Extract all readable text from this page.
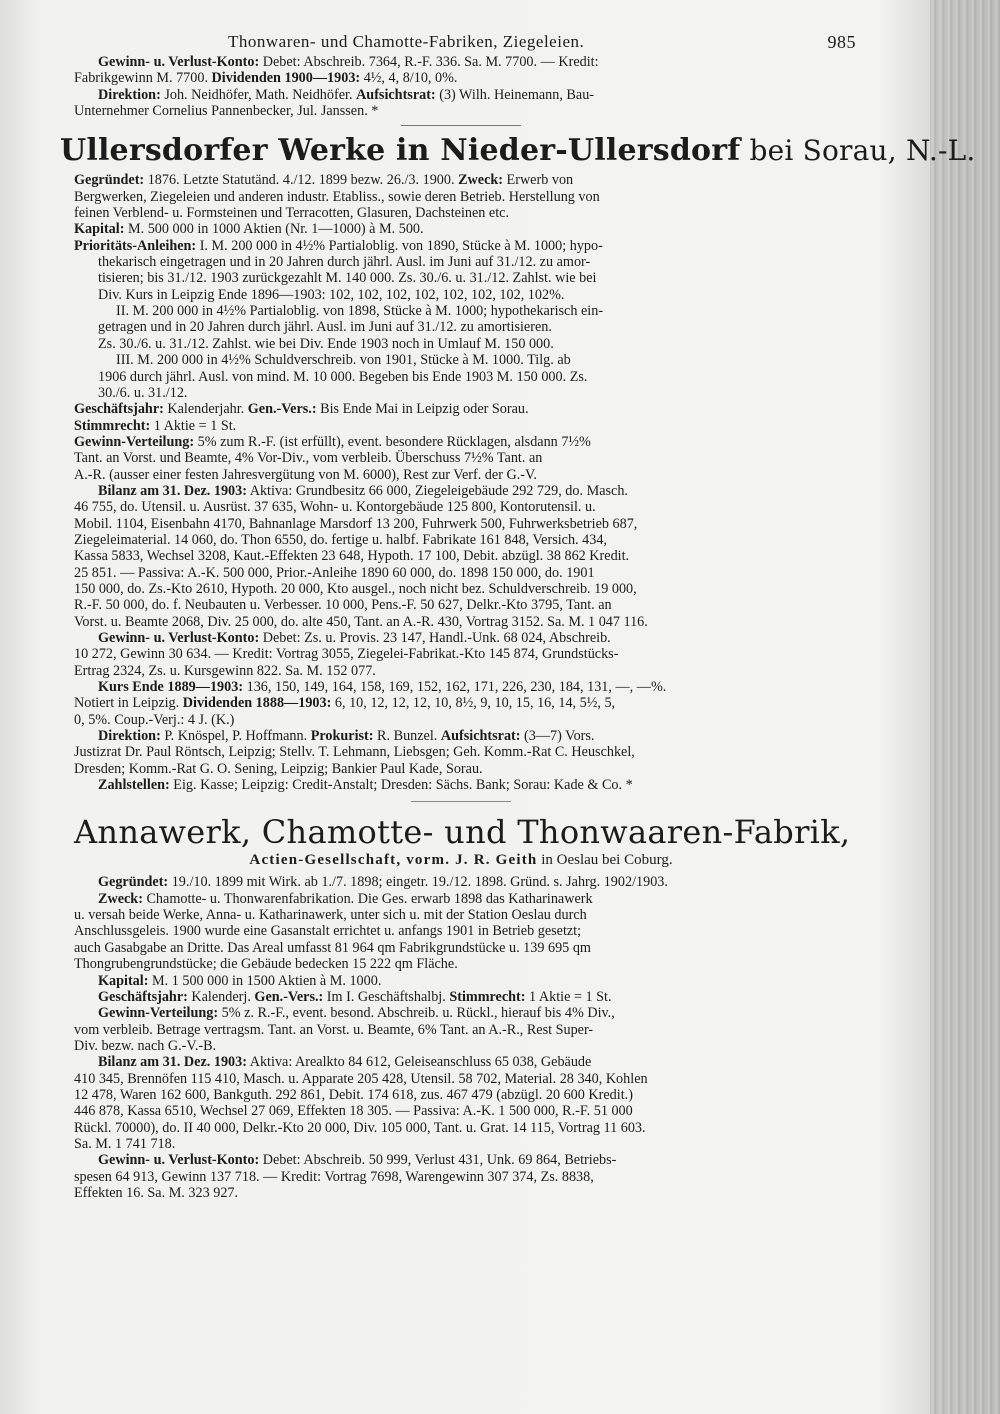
Thonwaren- und Chamotte-Fabriken, Ziegeleien.	985

Gewinn- u. Verlust-Konto: Debet: Abschreib. 7364, R.-F. 336. Sa. M. 7700. — Kredit:

Fabrikgewinn M. 7700. Dividenden 1900—1903: 4½, 4, 8/10, 0%.

Direktion: Joh. Neidhöfer, Math. Neidhöfer. Aufsichtsrat: (3) Wilh. Heinemann, Bau-

Unternehmer Cornelius Pannenbecker, Jul. Janssen. *

Ullersdorfer Werke in Nieder-Ullersdorf bei Sorau, N.-L.

Gegründet: 1876. Letzte Statutänd. 4./12. 1899 bezw. 26./3. 1900. Zweck: Erwerb von

Bergwerken, Ziegeleien und anderen industr. Etabliss., sowie deren Betrieb. Herstellung von

feinen Verblend- u. Formsteinen und Terracotten, Glasuren, Dachsteinen etc.

Kapital: M. 500 000 in 1000 Aktien (Nr. 1—1000) à M. 500.

Prioritäts-Anleihen: I. M. 200 000 in 4½% Partialoblig. von 1890, Stücke à M. 1000; hypo-

thekarisch eingetragen und in 20 Jahren durch jährl. Ausl. im Juni auf 31./12. zu amor-

tisieren; bis 31./12. 1903 zurückgezahlt M. 140 000. Zs. 30./6. u. 31./12. Zahlst. wie bei

Div. Kurs in Leipzig Ende 1896—1903: 102, 102, 102, 102, 102, 102, 102, 102%.

II. M. 200 000 in 4½% Partialoblig. von 1898, Stücke à M. 1000; hypothekarisch ein-

getragen und in 20 Jahren durch jährl. Ausl. im Juni auf 31./12. zu amortisieren.

Zs. 30./6. u. 31./12. Zahlst. wie bei Div. Ende 1903 noch in Umlauf M. 150 000.

III. M. 200 000 in 4½% Schuldverschreib. von 1901, Stücke à M. 1000. Tilg. ab

1906 durch jährl. Ausl. von mind. M. 10 000. Begeben bis Ende 1903 M. 150 000. Zs.

30./6. u. 31./12.

Geschäftsjahr: Kalenderjahr. Gen.-Vers.: Bis Ende Mai in Leipzig oder Sorau.

Stimmrecht: 1 Aktie = 1 St.

Gewinn-Verteilung: 5% zum R.-F. (ist erfüllt), event. besondere Rücklagen, alsdann 7½%

Tant. an Vorst. und Beamte, 4% Vor-Div., vom verbleib. Überschuss 7½% Tant. an

A.-R. (ausser einer festen Jahresvergütung von M. 6000), Rest zur Verf. der G.-V.

Bilanz am 31. Dez. 1903: Aktiva: Grundbesitz 66 000, Ziegeleigebäude 292 729, do. Masch.

46 755, do. Utensil. u. Ausrüst. 37 635, Wohn- u. Kontorgebäude 125 800, Kontorutensil. u.

Mobil. 1104, Eisenbahn 4170, Bahnanlage Marsdorf 13 200, Fuhrwerk 500, Fuhrwerksbetrieb 687,

Ziegeleimaterial. 14 060, do. Thon 6550, do. fertige u. halbf. Fabrikate 161 848, Versich. 434,

Kassa 5833, Wechsel 3208, Kaut.-Effekten 23 648, Hypoth. 17 100, Debit. abzügl. 38 862 Kredit.

25 851. — Passiva: A.-K. 500 000, Prior.-Anleihe 1890 60 000, do. 1898 150 000, do. 1901

150 000, do. Zs.-Kto 2610, Hypoth. 20 000, Kto ausgel., noch nicht bez. Schuldverschreib. 19 000,

R.-F. 50 000, do. f. Neubauten u. Verbesser. 10 000, Pens.-F. 50 627, Delkr.-Kto 3795, Tant. an

Vorst. u. Beamte 2068, Div. 25 000, do. alte 450, Tant. an A.-R. 430, Vortrag 3152. Sa. M. 1 047 116.

Gewinn- u. Verlust-Konto: Debet: Zs. u. Provis. 23 147, Handl.-Unk. 68 024, Abschreib.

10 272, Gewinn 30 634. — Kredit: Vortrag 3055, Ziegelei-Fabrikat.-Kto 145 874, Grundstücks-

Ertrag 2324, Zs. u. Kursgewinn 822. Sa. M. 152 077.

Kurs Ende 1889—1903: 136, 150, 149, 164, 158, 169, 152, 162, 171, 226, 230, 184, 131, —, —%.

Notiert in Leipzig. Dividenden 1888—1903: 6, 10, 12, 12, 12, 10, 8½, 9, 10, 15, 16, 14, 5½, 5,

0, 5%. Coup.-Verj.: 4 J. (K.)

Direktion: P. Knöspel, P. Hoffmann. Prokurist: R. Bunzel. Aufsichtsrat: (3—7) Vors.

Justizrat Dr. Paul Röntsch, Leipzig; Stellv. T. Lehmann, Liebsgen; Geh. Komm.-Rat C. Heuschkel,

Dresden; Komm.-Rat G. O. Sening, Leipzig; Bankier Paul Kade, Sorau.

Zahlstellen: Eig. Kasse; Leipzig: Credit-Anstalt; Dresden: Sächs. Bank; Sorau: Kade & Co. *

Annawerk, Chamotte- und Thonwaaren-Fabrik,
Actien-Gesellschaft, vorm. J. R. Geith in Oeslau bei Coburg.

Gegründet: 19./10. 1899 mit Wirk. ab 1./7. 1898; eingetr. 19./12. 1898. Gründ. s. Jahrg. 1902/1903.

Zweck: Chamotte- u. Thonwarenfabrikation. Die Ges. erwarb 1898 das Katharinawerk

u. versah beide Werke, Anna- u. Katharinawerk, unter sich u. mit der Station Oeslau durch

Anschlussgeleis. 1900 wurde eine Gasanstalt errichtet u. anfangs 1901 in Betrieb gesetzt;

auch Gasabgabe an Dritte. Das Areal umfasst 81 964 qm Fabrikgrundstücke u. 139 695 qm

Thongrubengrundstücke; die Gebäude bedecken 15 222 qm Fläche.

Kapital: M. 1 500 000 in 1500 Aktien à M. 1000.

Geschäftsjahr: Kalenderj. Gen.-Vers.: Im I. Geschäftshalbj. Stimmrecht: 1 Aktie = 1 St.

Gewinn-Verteilung: 5% z. R.-F., event. besond. Abschreib. u. Rückl., hierauf bis 4% Div.,

vom verbleib. Betrage vertragsm. Tant. an Vorst. u. Beamte, 6% Tant. an A.-R., Rest Super-

Div. bezw. nach G.-V.-B.

Bilanz am 31. Dez. 1903: Aktiva: Arealkto 84 612, Geleiseanschluss 65 038, Gebäude

410 345, Brennöfen 115 410, Masch. u. Apparate 205 428, Utensil. 58 702, Material. 28 340, Kohlen

12 478, Waren 162 600, Bankguth. 292 861, Debit. 174 618, zus. 467 479 (abzügl. 20 600 Kredit.)

446 878, Kassa 6510, Wechsel 27 069, Effekten 18 305. — Passiva: A.-K. 1 500 000, R.-F. 51 000

Rückl. 70000), do. II 40 000, Delkr.-Kto 20 000, Div. 105 000, Tant. u. Grat. 14 115, Vortrag 11 603.

Sa. M. 1 741 718.

Gewinn- u. Verlust-Konto: Debet: Abschreib. 50 999, Verlust 431, Unk. 69 864, Betriebs-

spesen 64 913, Gewinn 137 718. — Kredit: Vortrag 7698, Warengewinn 307 374, Zs. 8838,

Effekten 16. Sa. M. 323 927.
